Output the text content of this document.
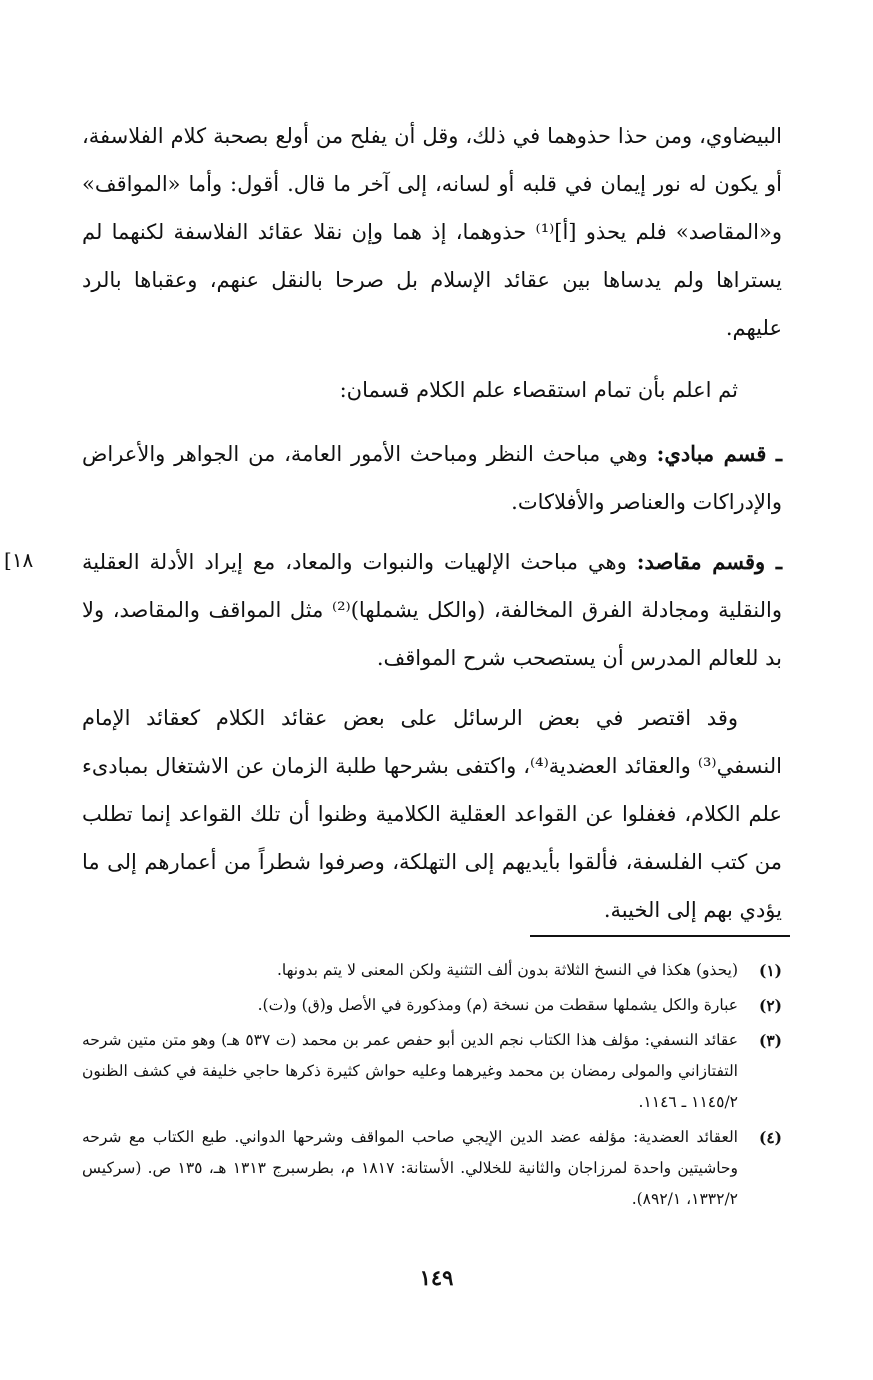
البيضاوي، ومن حذا حذوهما في ذلك، وقل أن يفلح من أولع بصحبة كلام الفلاسفة، أو يكون له نور إيمان في قلبه أو لسانه، إلى آخر ما قال. أقول: وأما «المواقف» و«المقاصد» فلم يحذو [أ]⁽¹⁾ حذوهما، إذ هما وإن نقلا عقائد الفلاسفة لكنهما لم يستراها ولم يدساها بين عقائد الإسلام بل صرحا بالنقل عنهم، وعقباها بالرد عليهم.

ثم اعلم بأن تمام استقصاء علم الكلام قسمان:

ـ قسم مبادي: وهي مباحث النظر ومباحث الأمور العامة، من الجواهر والأعراض والإدراكات والعناصر والأفلاكات.

ـ وقسم مقاصد: وهي مباحث الإلهيات والنبوات والمعاد، مع إيراد الأدلة العقلية والنقلية ومجادلة الفرق المخالفة، (والكل يشملها)⁽²⁾ مثل المواقف والمقاصد، ولا بد للعالم المدرس أن يستصحب شرح المواقف.

وقد اقتصر في بعض الرسائل على بعض عقائد الكلام كعقائد الإمام النسفي⁽³⁾ والعقائد العضدية⁽⁴⁾، واكتفى بشرحها طلبة الزمان عن الاشتغال بمبادىء علم الكلام، فغفلوا عن القواعد العقلية الكلامية وظنوا أن تلك القواعد إنما تطلب من كتب الفلسفة، فألقوا بأيديهم إلى التهلكة، وصرفوا شطراً من أعمارهم إلى ما يؤدي بهم إلى الخيبة.

١٨]
(١)
(يحذو) هكذا في النسخ الثلاثة بدون ألف التثنية ولكن المعنى لا يتم بدونها.
(٢)
عبارة والكل يشملها سقطت من نسخة (م) ومذكورة في الأصل و(ق) و(ت).
(٣)
عقائد النسفي: مؤلف هذا الكتاب نجم الدين أبو حفص عمر بن محمد (ت ٥٣٧ هـ) وهو متن متين شرحه التفتازاني والمولى رمضان بن محمد وغيرهما وعليه حواش كثيرة ذكرها حاجي خليفة في كشف الظنون ١١٤٥/٢ ـ ١١٤٦.
(٤)
العقائد العضدية: مؤلفه عضد الدين الإيجي صاحب المواقف وشرحها الدواني. طبع الكتاب مع شرحه وحاشيتين واحدة لمرزاجان والثانية للخلالي. الأستانة: ١٨١٧ م، بطرسبرج ١٣١٣ هـ، ١٣٥ ص. (سركيس ١٣٣٢/٢، ٨٩٢/١).
١٤٩
